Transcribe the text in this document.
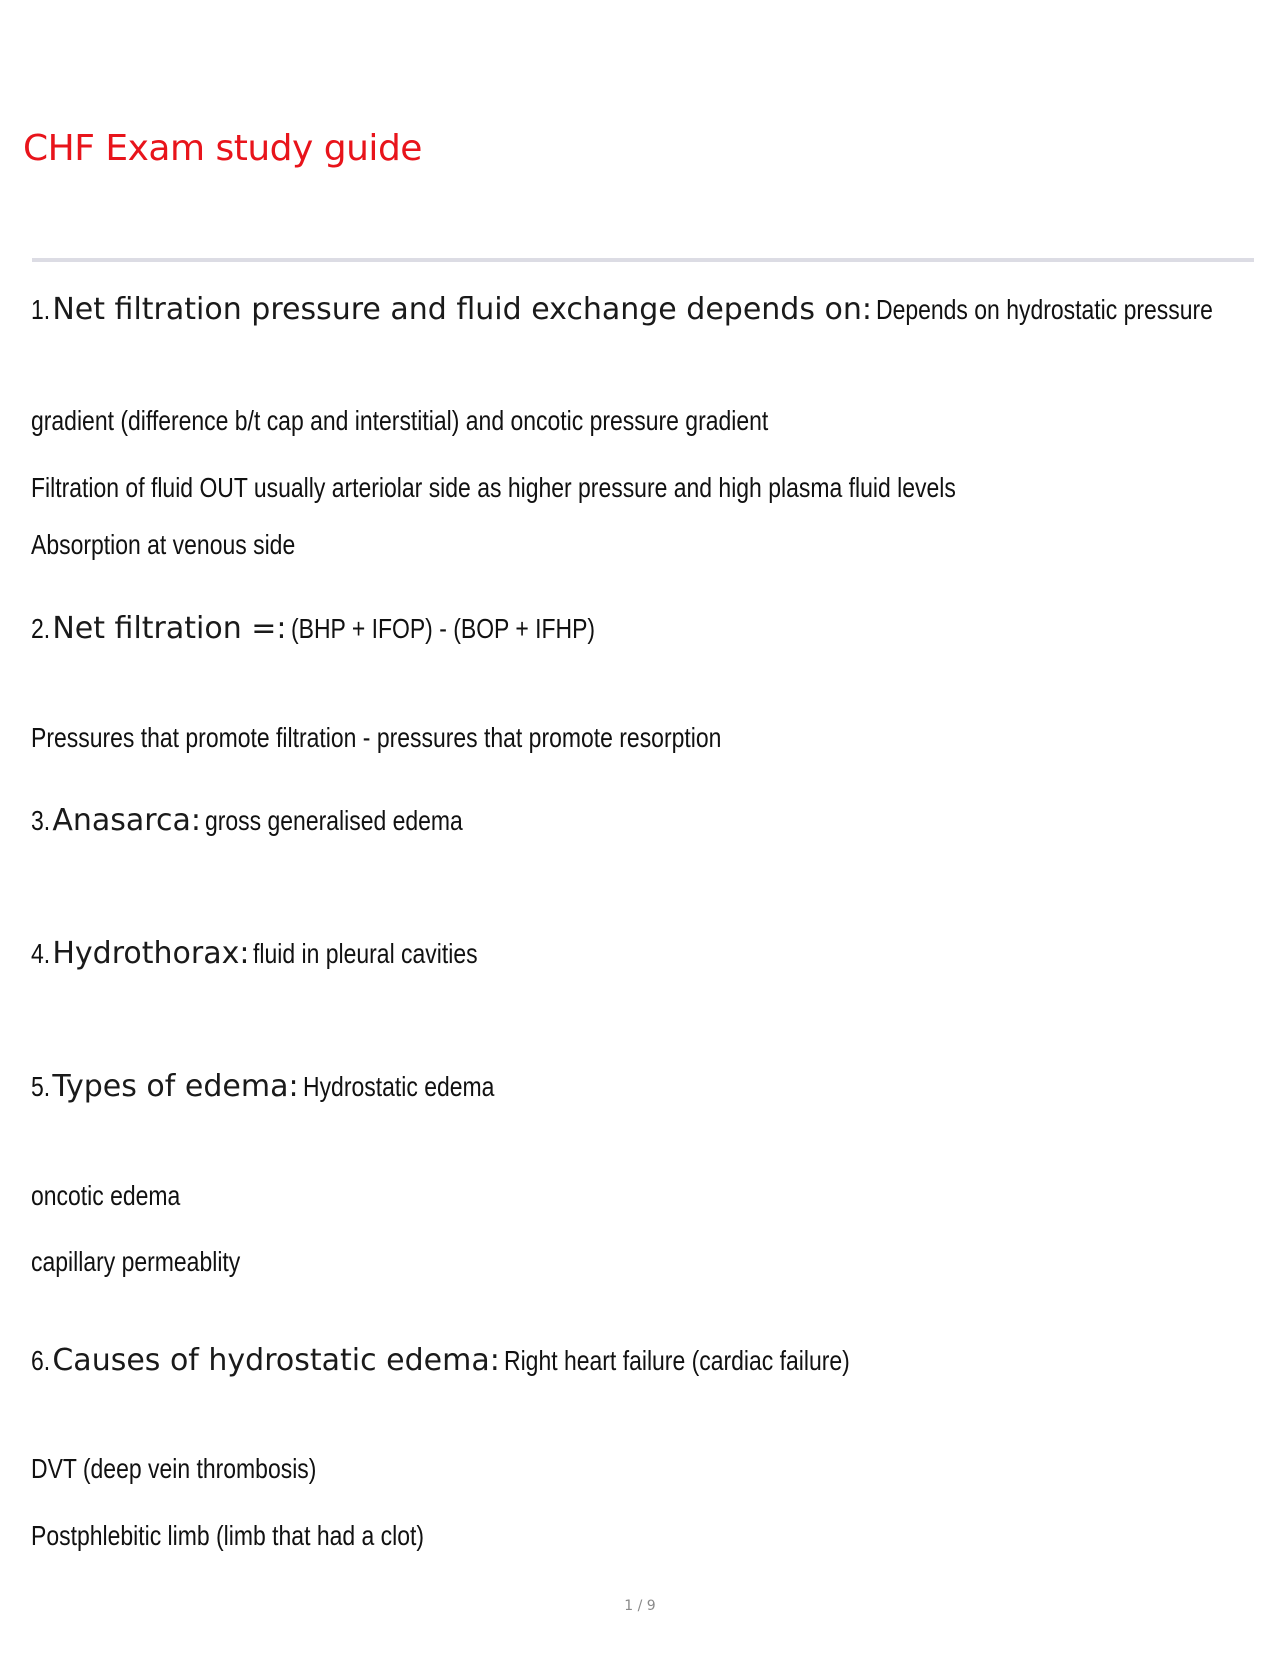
CHF Exam study guide
1. Net filtration pressure and fluid exchange depends on: Depends on hydrostatic pressure

gradient (difference b/t cap and interstitial) and oncotic pressure gradient

Filtration of fluid OUT usually arteriolar side as higher pressure and high plasma fluid levels

Absorption at venous side

2. Net filtration =: (BHP + IFOP) - (BOP + IFHP)

Pressures that promote filtration - pressures that promote resorption

3. Anasarca: gross generalised edema
4. Hydrothorax: fluid in pleural cavities
5. Types of edema: Hydrostatic edema

oncotic edema

capillary permeablity

6. Causes of hydrostatic edema: Right heart failure (cardiac failure)

DVT (deep vein thrombosis)

Postphlebitic limb (limb that had a clot)

1 / 9
